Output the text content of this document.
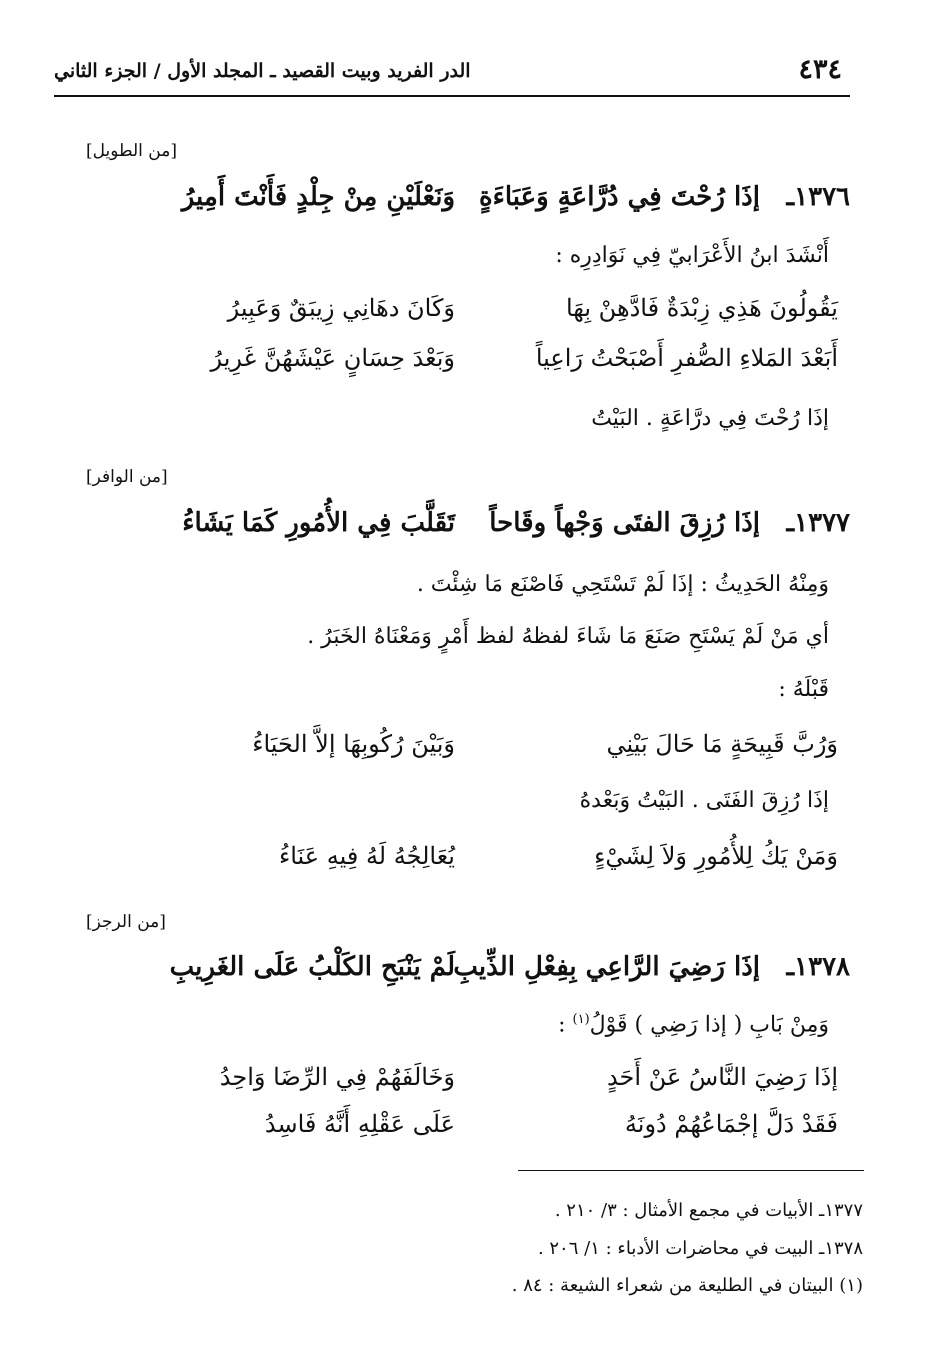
٤٣٤
الدر الفريد وبيت القصيد ـ المجلد الأول / الجزء الثاني
[من الطويل]
١٣٧٦ـ
إذَا رُحْتَ فِي دُرَّاعَةٍ وَعَبَاءَةٍ
وَنَعْلَيْنِ مِنْ جِلْدٍ فَأَنْتَ أَمِيرُ
أَنْشَدَ ابنُ الأَعْرَابيّ فِي نَوَادِرِه :
يَقُولُونَ هَذِي زِبْدَةٌ فَادَّهِنْ بِهَا
وَكَانَ دهَانِي زِيبَقٌ وَعَبِيرُ
أَبَعْدَ المَلاءِ الصُّفرِ أَصْبَحْتُ رَاعِياً
وَبَعْدَ حِسَانٍ عَيْشَهُنَّ غَرِيرُ
إذَا رُحْتَ فِي درَّاعَةٍ . البَيْتُ
[من الوافر]
١٣٧٧ـ
إذَا رُزِقَ الفتَى وَجْهاً وقَاحاً
تَقَلَّبَ فِي الأُمُورِ كَمَا يَشَاءُ
وَمِنْهُ الحَدِيثُ : إذَا لَمْ تَسْتَحِي فَاصْنَع مَا شِئْتَ .
أي مَنْ لَمْ يَسْتَحِ صَنَعَ مَا شَاءَ لفظهُ لفظ أَمْرٍ وَمَعْنَاهُ الخَبَرُ .
قَبْلَهُ :
وَرُبَّ قَبِيحَةٍ مَا حَالَ بَيْنِي
وَبَيْنَ رُكُوبِهَا إلاَّ الحَيَاءُ
إذَا رُزِقَ الفَتَى . البَيْتُ وَبَعْدهُ
وَمَنْ يَكُ لِلأُمُورِ وَلاَ لِشَيْءٍ
يُعَالِجُهُ لَهُ فِيهِ عَنَاءُ
[من الرجز]
١٣٧٨ـ
إذَا رَضِيَ الرَّاعِي بِفِعْلِ الذِّيبِ
لَمْ يَنْبَحِ الكَلْبُ عَلَى الغَرِيبِ
وَمِنْ بَابِ ( إذا رَضِي ) قَوْلُ$^{(١)}$ :
إذَا رَضِيَ النَّاسُ عَنْ أَحَدٍ
وَخَالَفَهُمْ فِي الرِّضَا وَاحِدُ
فَقَدْ دَلَّ إجْمَاعُهُمْ دُونَهُ
عَلَى عَقْلِهِ أَنَّهُ فَاسِدُ
١٣٧٧ـ الأبيات في مجمع الأمثال : ٣/ ٢١٠ .
١٣٧٨ـ البيت في محاضرات الأدباء : ١/ ٢٠٦ .
(١) البيتان في الطليعة من شعراء الشيعة : ٨٤ .
